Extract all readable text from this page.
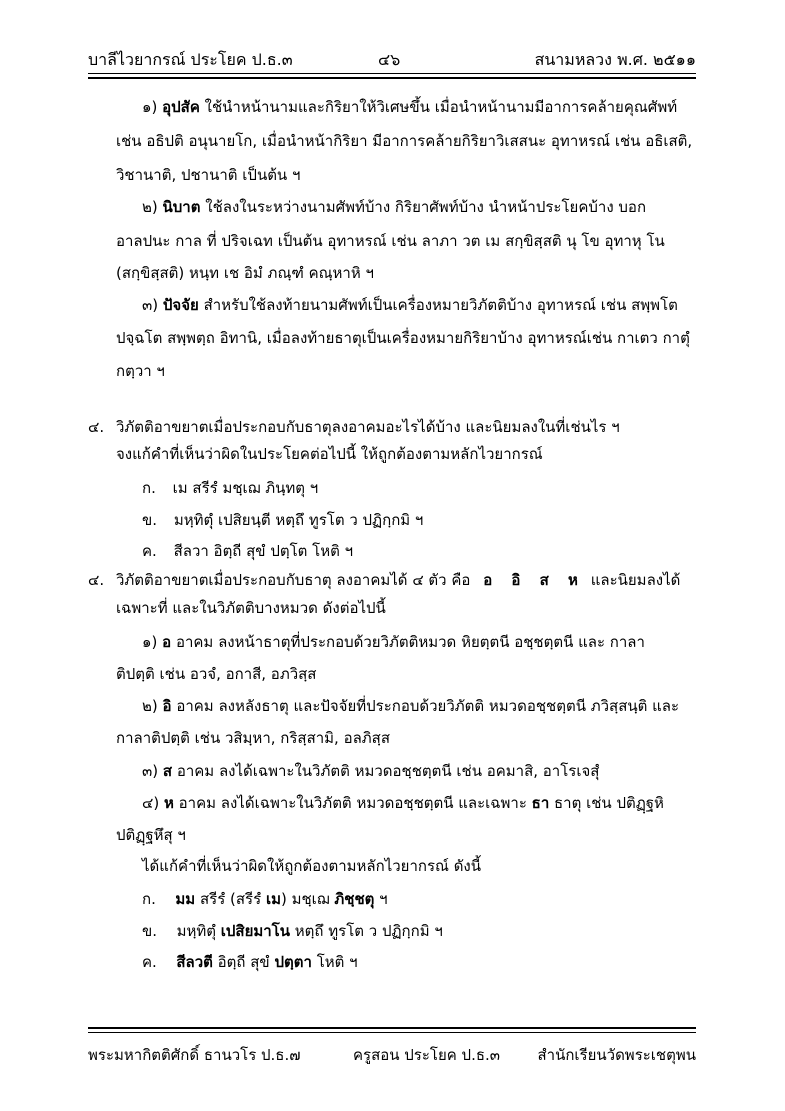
บาลีไวยากรณ์ ประโยค ป.ธ.๓	๔๖	สนามหลวง พ.ศ. ๒๕๑๑
๑) อุปสัค ใช้นำหน้านามและกิริยาให้วิเศษขึ้น เมื่อนำหน้านามมีอาการคล้ายคุณศัพท์
เช่น อธิปติ อนุนายโก, เมื่อนำหน้ากิริยา มีอาการคล้ายกิริยาวิเสสนะ อุทาหรณ์ เช่น อธิเสติ,
วิชานาติ, ปชานาติ เป็นต้น ฯ
๒) นิบาต ใช้ลงในระหว่างนามศัพท์บ้าง กิริยาศัพท์บ้าง นำหน้าประโยคบ้าง บอก
อาลปนะ กาล ที่ ปริจเฉท เป็นต้น อุทาหรณ์ เช่น ลาภา วต เม สกฺขิสฺสติ นุ โข อุทาหุ โน
(สกฺขิสฺสติ) หนฺท เช อิมํ ภณฺฑํ คณฺหาหิ ฯ
๓) ปัจจัย สำหรับใช้ลงท้ายนามศัพท์เป็นเครื่องหมายวิภัตติบ้าง อุทาหรณ์ เช่น สพฺพโต
ปจฺฉโต สพฺพตฺถ อิทานิ, เมื่อลงท้ายธาตุเป็นเครื่องหมายกิริยาบ้าง อุทาหรณ์เช่น กาเตว กาตุํ
กตฺวา ฯ
๔. วิภัตติอาขยาตเมื่อประกอบกับธาตุลงอาคมอะไรได้บ้าง และนิยมลงในที่เช่นไร ฯ
จงแก้คำที่เห็นว่าผิดในประโยคต่อไปนี้ ให้ถูกต้องตามหลักไวยากรณ์
ก. เม สรีรํ มชฺเฌ ภินฺทตุ ฯ
ข. มหฺทิตุํ เปสิยนฺตี หตฺถึ ทูรโต ว ปฏิกฺกมิ ฯ
ค. สีลวา อิตฺถี สุขํ ปตฺโต โหติ ฯ
๔. วิภัตติอาขยาตเมื่อประกอบกับธาตุ ลงอาคมได้ ๔ ตัว คือ อ อิ ส ห และนิยมลงได้
เฉพาะที่ และในวิภัตติบางหมวด ดังต่อไปนี้
๑) อ อาคม ลงหน้าธาตุที่ประกอบด้วยวิภัตติหมวด หิยตฺตนี อชฺชตฺตนี และ กาลา
ติปตฺติ เช่น อวจํ, อกาสี, อภวิสฺส
๒) อิ อาคม ลงหลังธาตุ และปัจจัยที่ประกอบด้วยวิภัตติ หมวดอชฺชตฺตนี ภวิสฺสนฺติ และ
กาลาติปตฺติ เช่น วสิมฺหา, กริสฺสามิ, อลภิสฺส
๓) ส อาคม ลงได้เฉพาะในวิภัตติ หมวดอชฺชตฺตนี เช่น อคมาสิ, อาโรเจสุํ
๔) ห อาคม ลงได้เฉพาะในวิภัตติ หมวดอชฺชตฺตนี และเฉพาะ ธา ธาตุ เช่น ปติฏฺฐหิ
ปติฏฺฐหึสุ ฯ
ได้แก้คำที่เห็นว่าผิดให้ถูกต้องตามหลักไวยากรณ์ ดังนี้
ก. มม สรีรํ (สรีรํ เม) มชฺเฌ ภิชฺชตุ ฯ
ข. มหฺทิตุํ เปสิยมาโน หตฺถึ ทูรโต ว ปฏิกฺกมิ ฯ
ค. สีลวตี อิตฺถี สุขํ ปตฺตา โหติ ฯ
พระมหากิตติศักดิ์ ธานวโร ป.ธ.๗	ครูสอน ประโยค ป.ธ.๓ สำนักเรียนวัดพระเชตุพน
